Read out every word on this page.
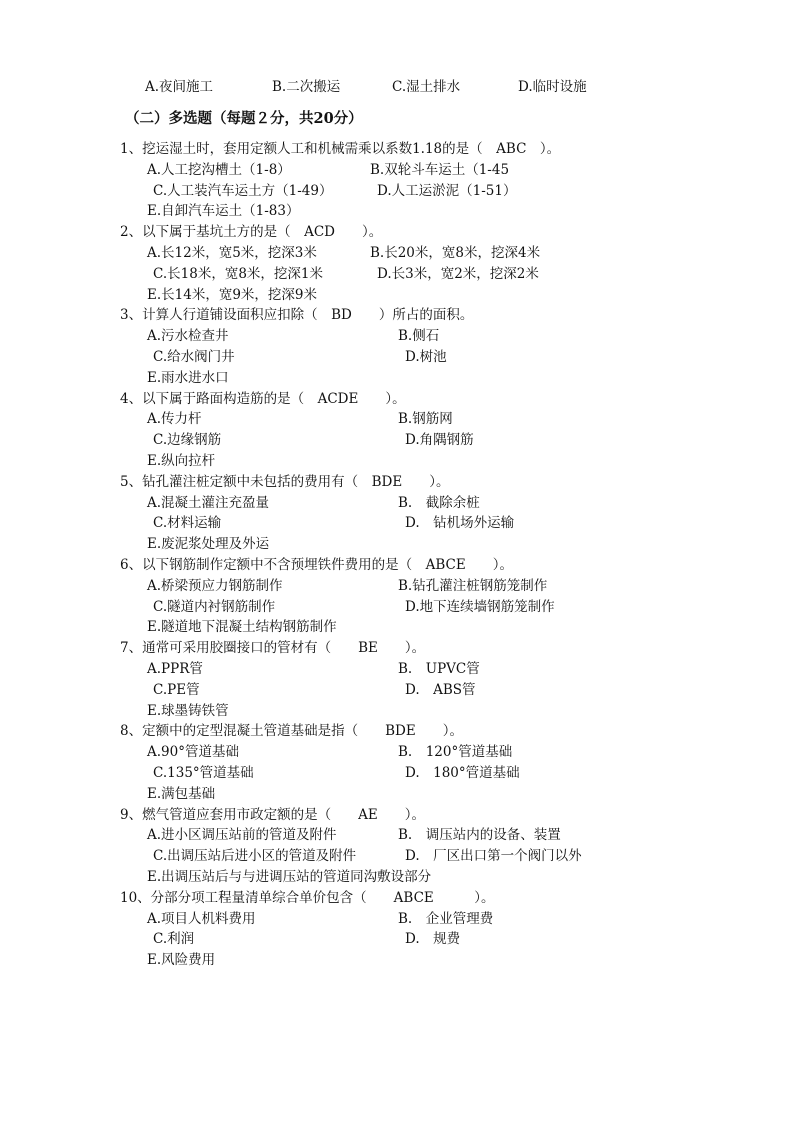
A.夜间施工	B.二次搬运	C.湿土排水	D.临时设施
（二）多选题（每题２分，共20分）
1、挖运湿土时，套用定额人工和机械需乘以系数1.18的是（　ABC　）。
A.人工挖沟槽土（1-8）	B.双轮斗车运土（1-45
C.人工装汽车运土方（1-49）	D.人工运淤泥（1-51）
E.自卸汽车运土（1-83）
2、以下属于基坑土方的是（　ACD　　）。
A.长12米，宽5米，挖深3米	B.长20米，宽8米，挖深4米
C.长18米，宽8米，挖深1米	D.长3米，宽2米，挖深2米
E.长14米，宽9米，挖深9米
3、计算人行道铺设面积应扣除（　BD　　）所占的面积。
A.污水检查井	B.侧石
C.给水阀门井	D.树池
E.雨水进水口
4、以下属于路面构造筋的是（　ACDE　　）。
A.传力杆	B.钢筋网
C.边缘钢筋	D.角隅钢筋
E.纵向拉杆
5、钻孔灌注桩定额中未包括的费用有（　BDE　　）。
A.混凝土灌注充盈量	B.　截除余桩
C.材料运输	D.　钻机场外运输
E.废泥浆处理及外运
6、以下钢筋制作定额中不含预埋铁件费用的是（　ABCE　　）。
A.桥梁预应力钢筋制作	B.钻孔灌注桩钢筋笼制作
C.隧道内衬钢筋制作	D.地下连续墙钢筋笼制作
E.隧道地下混凝土结构钢筋制作
7、通常可采用胶圈接口的管材有（　　BE　　）。
A.PPR管	B.　UPVC管
C.PE管	D.　ABS管
E.球墨铸铁管
8、定额中的定型混凝土管道基础是指（　　BDE　　）。
A.90°管道基础	B.　120°管道基础
C.135°管道基础	D.　180°管道基础
E.满包基础
9、燃气管道应套用市政定额的是（　　AE　　）。
A.进小区调压站前的管道及附件	B.　调压站内的设备、装置
C.出调压站后进小区的管道及附件	D.　厂区出口第一个阀门以外
E.出调压站后与与进调压站的管道同沟敷设部分
10、分部分项工程量清单综合单价包含（　　ABCE　　　）。
A.项目人机料费用	B.　企业管理费
C.利润	D.　规费
E.风险费用
